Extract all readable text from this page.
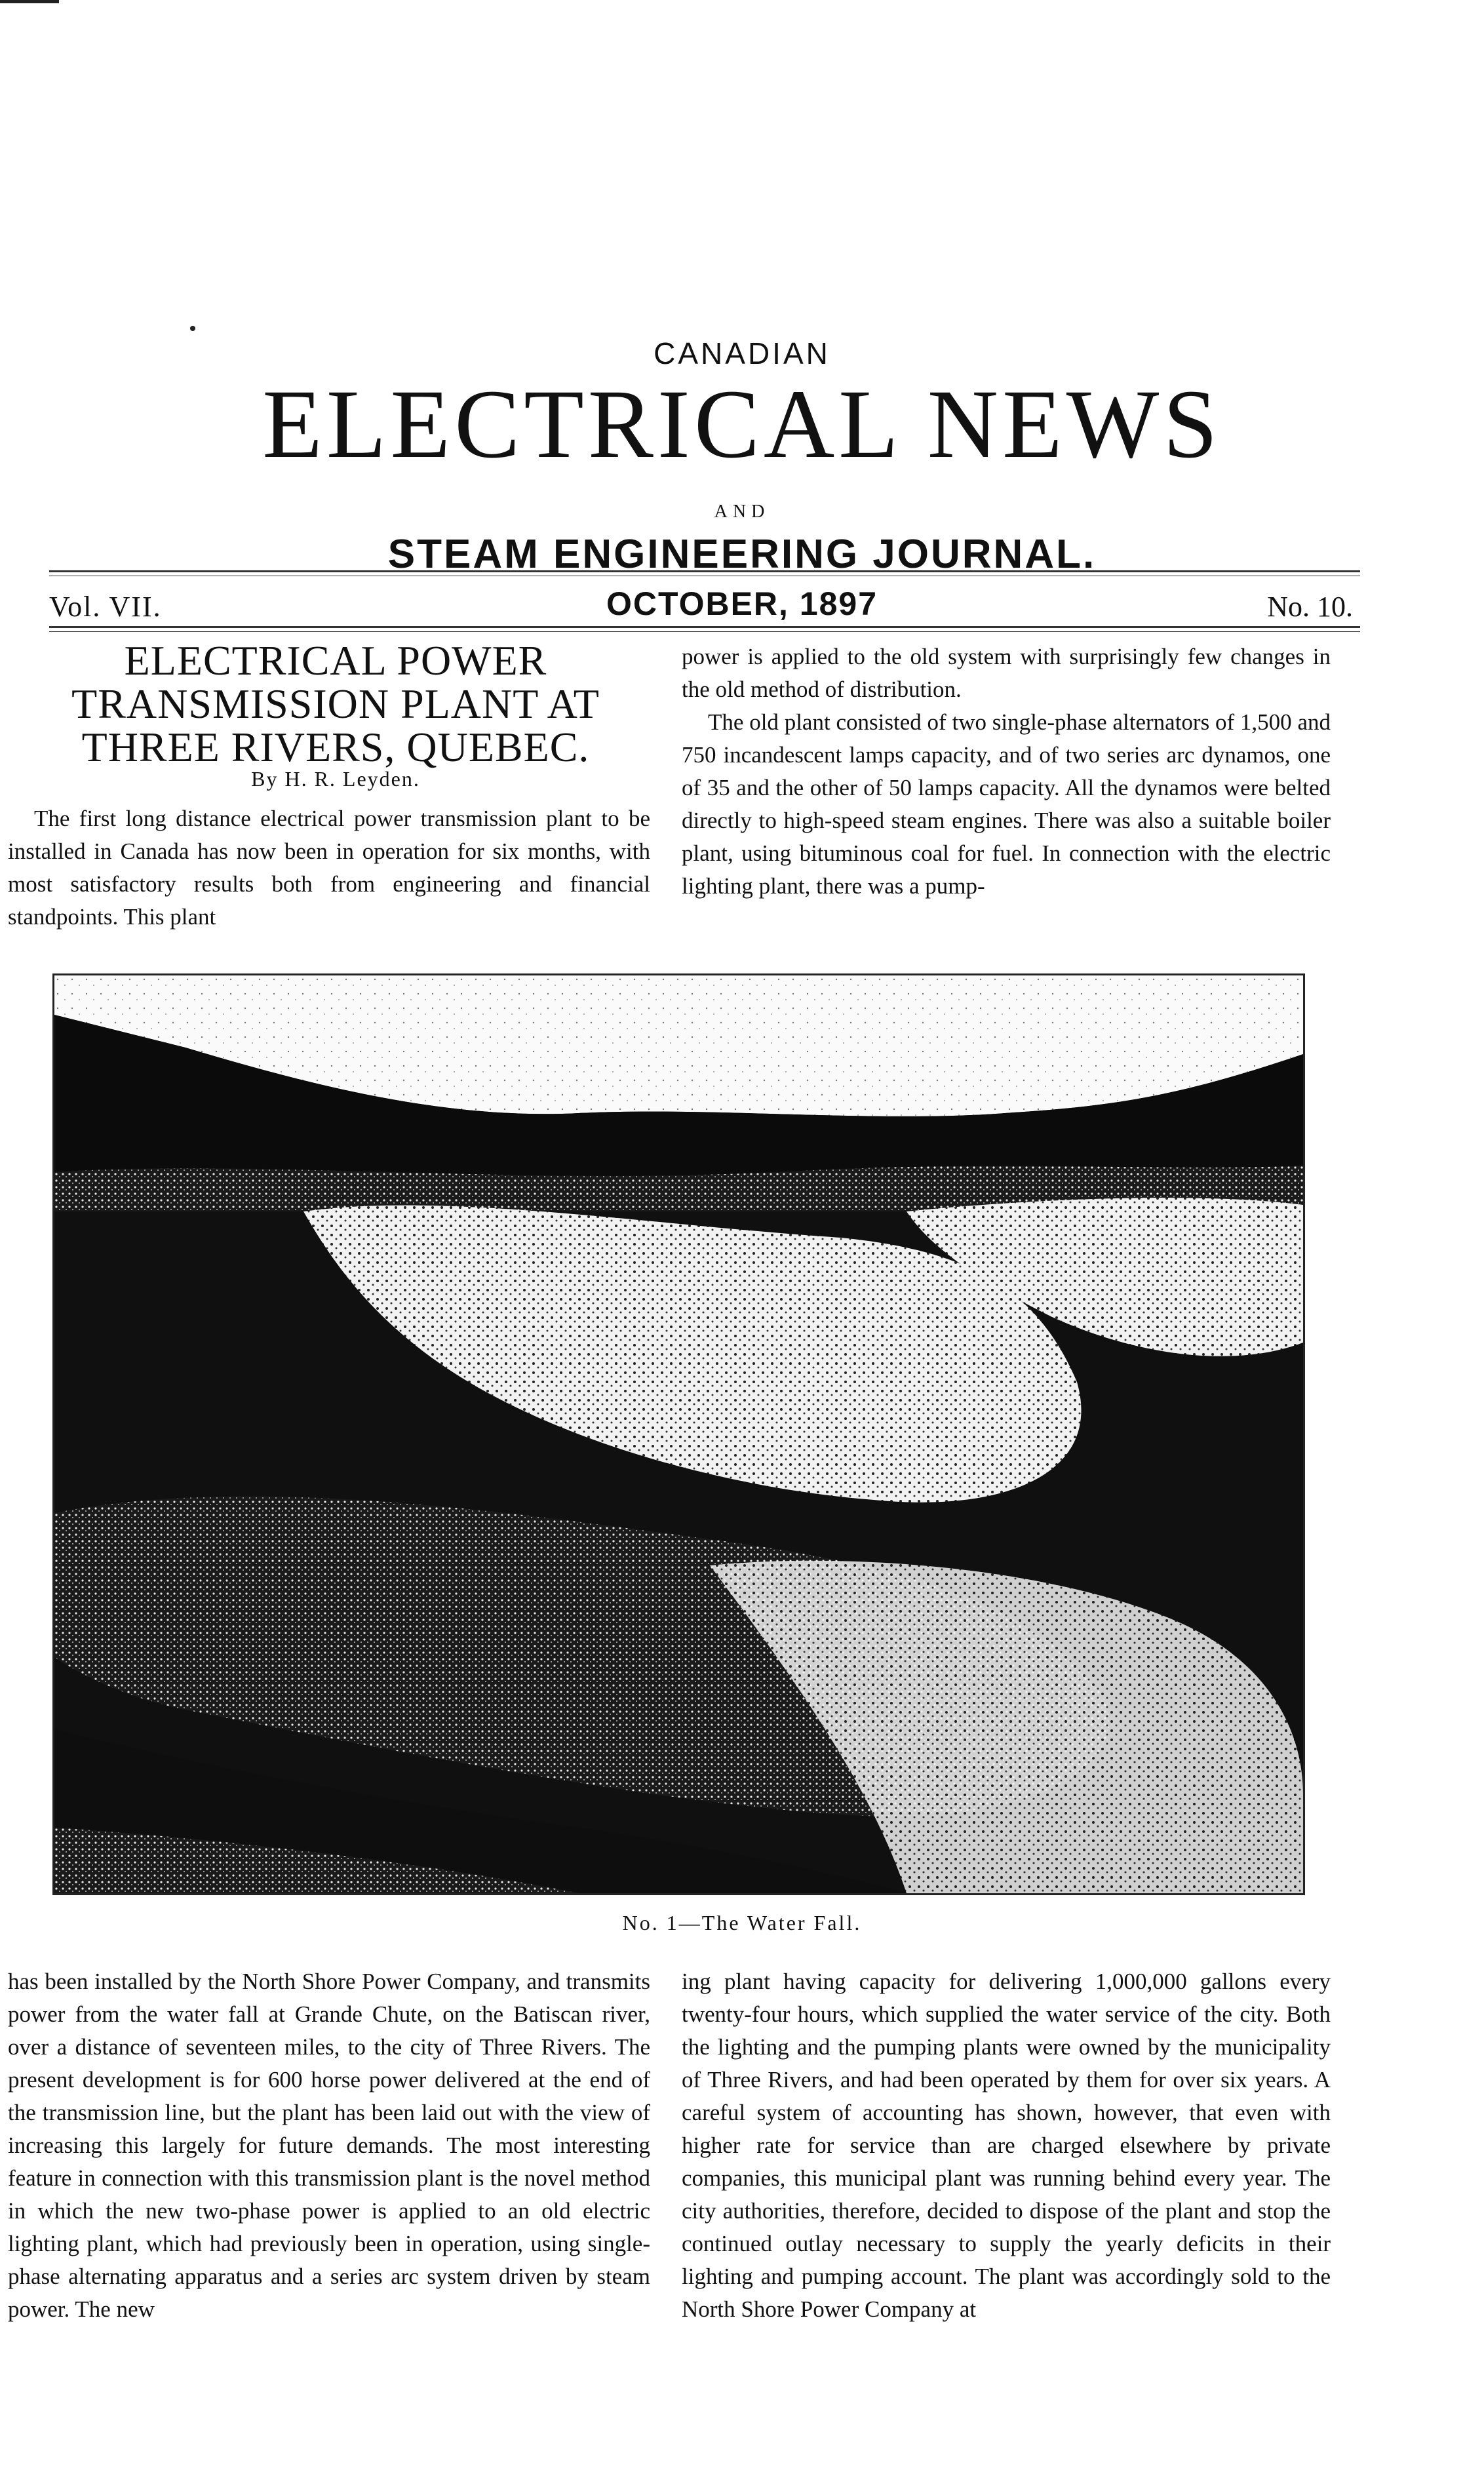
CANADIAN
ELECTRICAL NEWS
AND
STEAM ENGINEERING JOURNAL.
Vol. VII.	OCTOBER, 1897	No. 10.
ELECTRICAL POWER TRANSMISSION PLANT AT THREE RIVERS, QUEBEC.
By H. R. Leyden.

The first long distance electrical power transmission plant to be installed in Canada has now been in operation for six months, with most satisfactory results both from engineering and financial standpoints. This plant

power is applied to the old system with surprisingly few changes in the old method of distribution.

The old plant consisted of two single-phase alternators of 1,500 and 750 incandescent lamps capacity, and of two series arc dynamos, one of 35 and the other of 50 lamps capacity. All the dynamos were belted directly to high-speed steam engines. There was also a suitable boiler plant, using bituminous coal for fuel. In connection with the electric lighting plant, there was a pump-

No. 1—The Water Fall.

has been installed by the North Shore Power Company, and transmits power from the water fall at Grande Chute, on the Batiscan river, over a distance of seventeen miles, to the city of Three Rivers. The present development is for 600 horse power delivered at the end of the transmission line, but the plant has been laid out with the view of increasing this largely for future demands. The most interesting feature in connection with this transmission plant is the novel method in which the new two-phase power is applied to an old electric lighting plant, which had previously been in operation, using single-phase alternating apparatus and a series arc system driven by steam power. The new

ing plant having capacity for delivering 1,000,000 gallons every twenty-four hours, which supplied the water service of the city. Both the lighting and the pumping plants were owned by the municipality of Three Rivers, and had been operated by them for over six years. A careful system of accounting has shown, however, that even with higher rate for service than are charged elsewhere by private companies, this municipal plant was running behind every year. The city authorities, therefore, decided to dispose of the plant and stop the continued outlay necessary to supply the yearly deficits in their lighting and pumping account. The plant was accordingly sold to the North Shore Power Company at
